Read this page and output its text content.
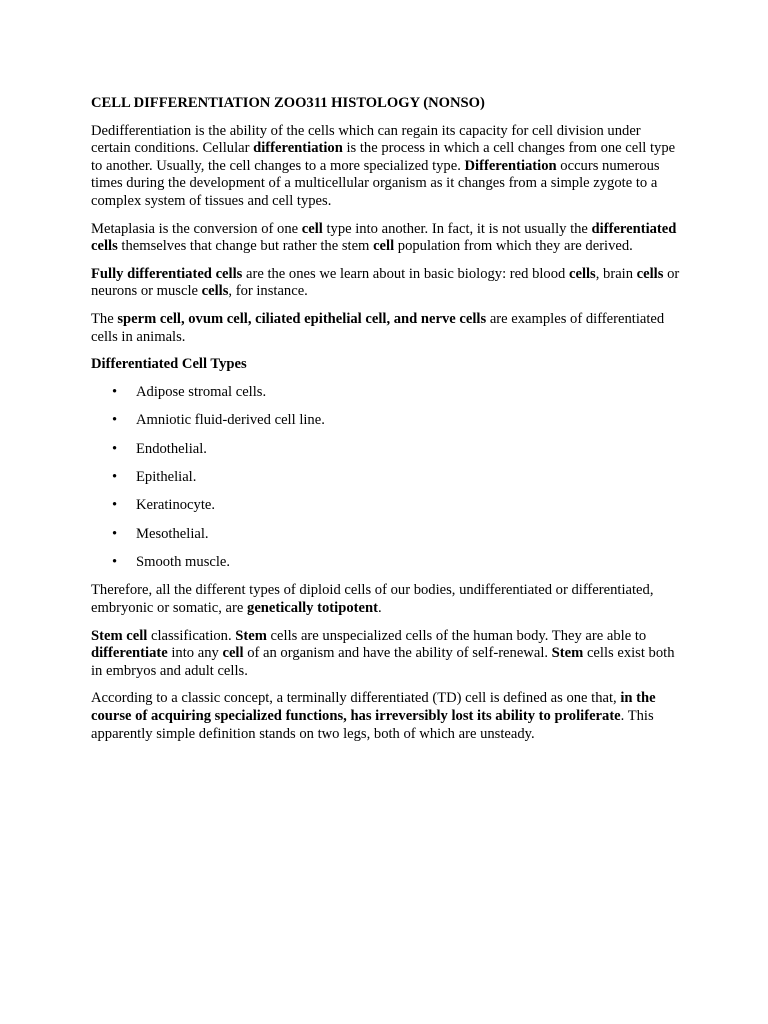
CELL DIFFERENTIATION ZOO311 HISTOLOGY (NONSO)

Dedifferentiation is the ability of the cells which can regain its capacity for cell division under certain conditions. Cellular differentiation is the process in which a cell changes from one cell type to another. Usually, the cell changes to a more specialized type. Differentiation occurs numerous times during the development of a multicellular organism as it changes from a simple zygote to a complex system of tissues and cell types.

Metaplasia is the conversion of one cell type into another. In fact, it is not usually the differentiated cells themselves that change but rather the stem cell population from which they are derived.

Fully differentiated cells are the ones we learn about in basic biology: red blood cells, brain cells or neurons or muscle cells, for instance.

The sperm cell, ovum cell, ciliated epithelial cell, and nerve cells are examples of differentiated cells in animals.

Differentiated Cell Types
• Adipose stromal cells.
• Amniotic fluid-derived cell line.
• Endothelial.
• Epithelial.
• Keratinocyte.
• Mesothelial.
• Smooth muscle.

Therefore, all the different types of diploid cells of our bodies, undifferentiated or differentiated, embryonic or somatic, are genetically totipotent.

Stem cell classification. Stem cells are unspecialized cells of the human body. They are able to differentiate into any cell of an organism and have the ability of self-renewal. Stem cells exist both in embryos and adult cells.

According to a classic concept, a terminally differentiated (TD) cell is defined as one that, in the course of acquiring specialized functions, has irreversibly lost its ability to proliferate. This apparently simple definition stands on two legs, both of which are unsteady.
